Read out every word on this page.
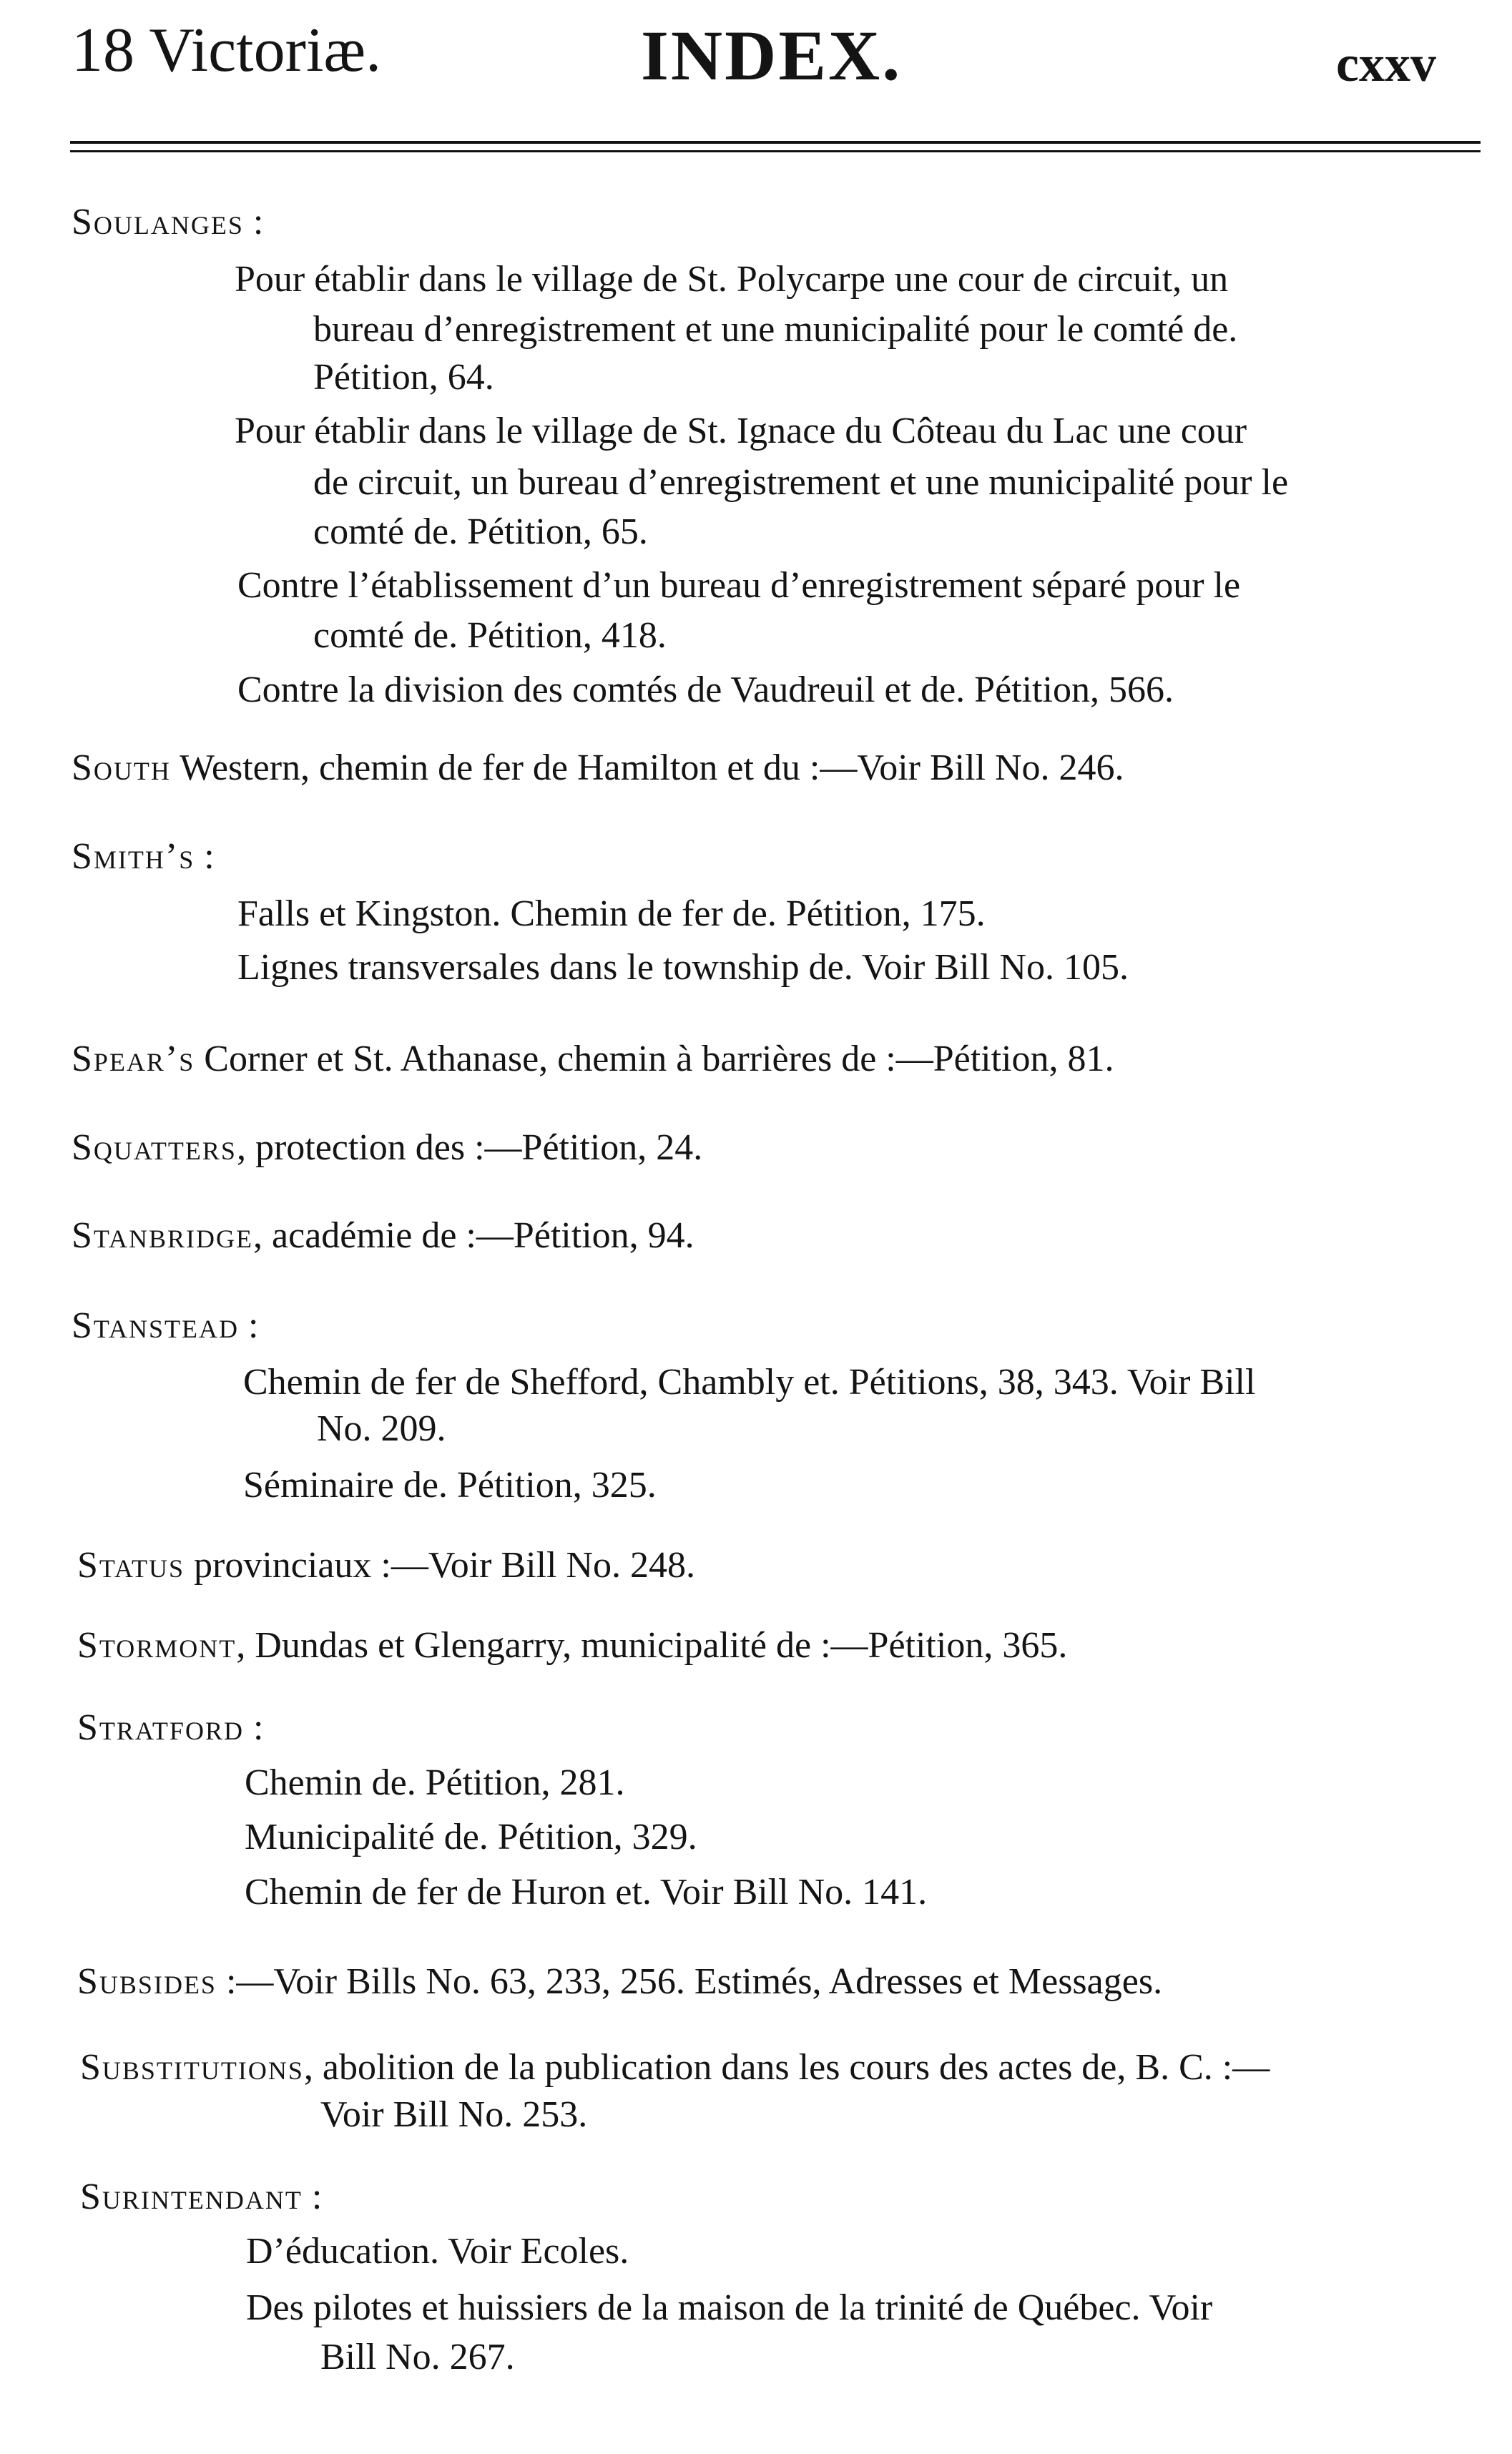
18 Victoriæ.	INDEX.	cxxv
Soulanges :
Pour établir dans le village de St. Polycarpe une cour de circuit, un
bureau d’enregistrement et une municipalité pour le comté de.
Pétition, 64.
Pour établir dans le village de St. Ignace du Côteau du Lac une cour
de circuit, un bureau d’enregistrement et une municipalité pour le
comté de. Pétition, 65.
Contre l’établissement d’un bureau d’enregistrement séparé pour le
comté de. Pétition, 418.
Contre la division des comtés de Vaudreuil et de. Pétition, 566.
South Western, chemin de fer de Hamilton et du :—Voir Bill No. 246.
Smith’s :
Falls et Kingston. Chemin de fer de. Pétition, 175.
Lignes transversales dans le township de. Voir Bill No. 105.
Spear’s Corner et St. Athanase, chemin à barrières de :—Pétition, 81.
Squatters, protection des :—Pétition, 24.
Stanbridge, académie de :—Pétition, 94.
Stanstead :
Chemin de fer de Shefford, Chambly et. Pétitions, 38, 343. Voir Bill
No. 209.
Séminaire de. Pétition, 325.
Status provinciaux :—Voir Bill No. 248.
Stormont, Dundas et Glengarry, municipalité de :—Pétition, 365.
Stratford :
Chemin de. Pétition, 281.
Municipalité de. Pétition, 329.
Chemin de fer de Huron et. Voir Bill No. 141.
Subsides :—Voir Bills No. 63, 233, 256. Estimés, Adresses et Messages.
Substitutions, abolition de la publication dans les cours des actes de, B. C. :—
Voir Bill No. 253.
Surintendant :
D’éducation. Voir Ecoles.
Des pilotes et huissiers de la maison de la trinité de Québec. Voir
Bill No. 267.
